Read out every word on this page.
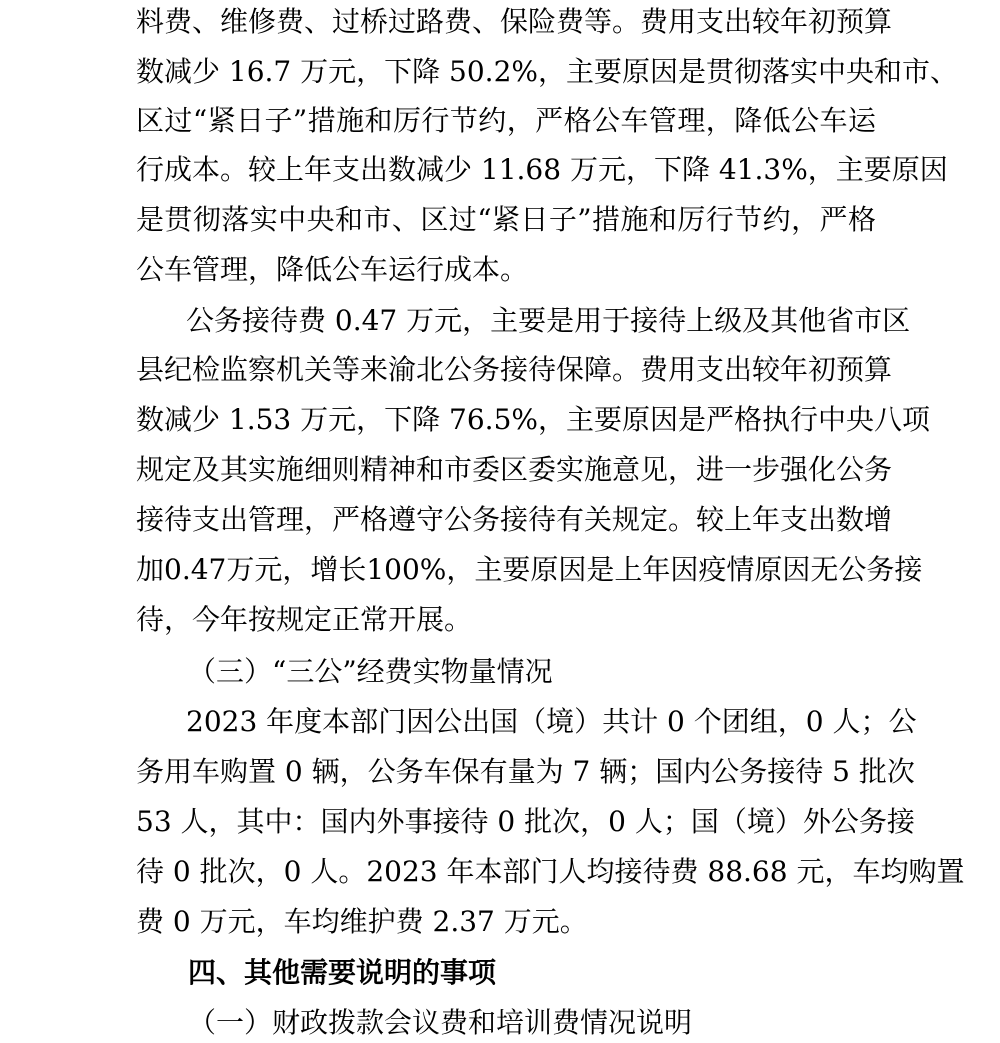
料费、维修费、过桥过路费、保险费等。费用支出较年初预算
数减少 16.7 万元，下降 50.2%，主要原因是贯彻落实中央和市、
区过“紧日子”措施和厉行节约，严格公车管理，降低公车运
行成本。较上年支出数减少 11.68 万元，下降 41.3%，主要原因
是贯彻落实中央和市、区过“紧日子”措施和厉行节约，严格
公车管理，降低公车运行成本。
公务接待费 0.47 万元，主要是用于接待上级及其他省市区
县纪检监察机关等来渝北公务接待保障。费用支出较年初预算
数减少 1.53 万元，下降 76.5%，主要原因是严格执行中央八项
规定及其实施细则精神和市委区委实施意见，进一步强化公务
接待支出管理，严格遵守公务接待有关规定。较上年支出数增
加0.47万元，增长100%，主要原因是上年因疫情原因无公务接
待，今年按规定正常开展。
（三）“三公”经费实物量情况
2023 年度本部门因公出国（境）共计 0 个团组，0 人；公
务用车购置 0 辆，公务车保有量为 7 辆；国内公务接待 5 批次
53 人，其中：国内外事接待 0 批次，0 人；国（境）外公务接
待 0 批次，0 人。2023 年本部门人均接待费 88.68 元，车均购置
费 0 万元，车均维护费 2.37 万元。
四、其他需要说明的事项
（一）财政拨款会议费和培训费情况说明
